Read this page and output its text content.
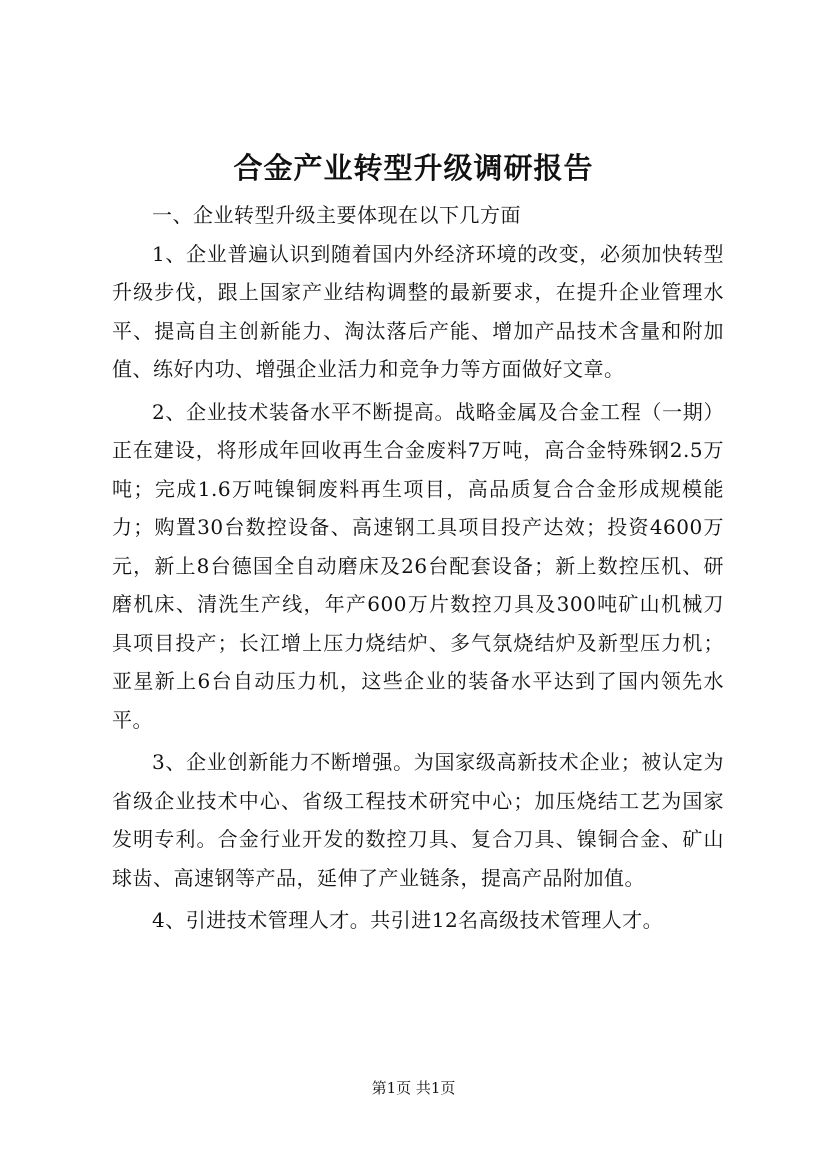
合金产业转型升级调研报告

一、企业转型升级主要体现在以下几方面

1、企业普遍认识到随着国内外经济环境的改变，必须加快转型升级步伐，跟上国家产业结构调整的最新要求，在提升企业管理水平、提高自主创新能力、淘汰落后产能、增加产品技术含量和附加值、练好内功、增强企业活力和竞争力等方面做好文章。

2、企业技术装备水平不断提高。战略金属及合金工程（一期）正在建设，将形成年回收再生合金废料7万吨，高合金特殊钢2.5万吨；完成1.6万吨镍铜废料再生项目，高品质复合合金形成规模能力；购置30台数控设备、高速钢工具项目投产达效；投资4600万元，新上8台德国全自动磨床及26台配套设备；新上数控压机、研磨机床、清洗生产线，年产600万片数控刀具及300吨矿山机械刀具项目投产；长江增上压力烧结炉、多气氛烧结炉及新型压力机；亚星新上6台自动压力机，这些企业的装备水平达到了国内领先水平。

3、企业创新能力不断增强。为国家级高新技术企业；被认定为省级企业技术中心、省级工程技术研究中心；加压烧结工艺为国家发明专利。合金行业开发的数控刀具、复合刀具、镍铜合金、矿山球齿、高速钢等产品，延伸了产业链条，提高产品附加值。

4、引进技术管理人才。共引进12名高级技术管理人才。

第1页 共1页
